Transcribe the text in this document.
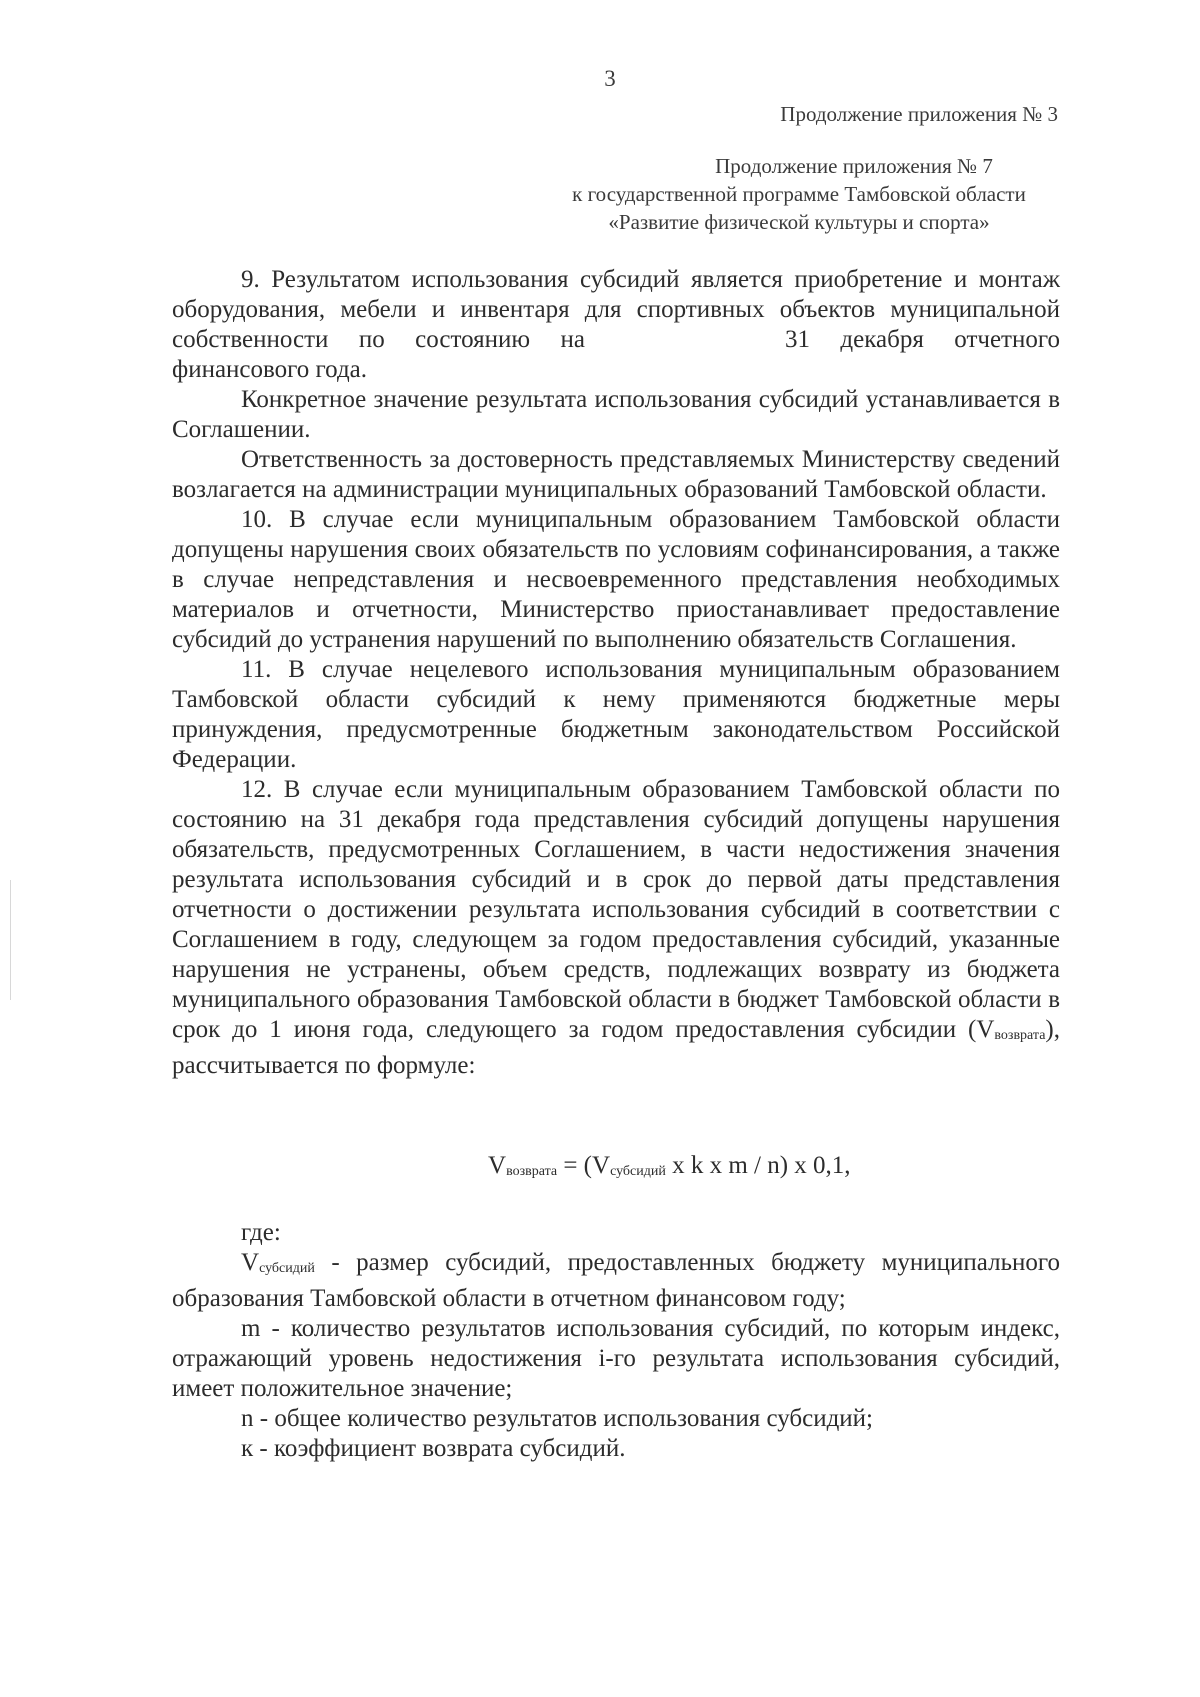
3
Продолжение приложения № 3
Продолжение приложения № 7
к государственной программе Тамбовской области
«Развитие физической культуры и спорта»

9. Результатом использования субсидий является приобретение и монтаж оборудования, мебели и инвентаря для спортивных объектов муниципальной собственности по состоянию на	31 декабря отчетного финансового года.

Конкретное значение результата использования субсидий устанавливается в Соглашении.

Ответственность за достоверность представляемых Министерству сведений возлагается на администрации муниципальных образований Тамбовской области.

10. В случае если муниципальным образованием Тамбовской области допущены нарушения своих обязательств по условиям софинансирования, а также в случае непредставления и несвоевременного представления необходимых материалов и отчетности, Министерство приостанавливает предоставление субсидий до устранения нарушений по выполнению обязательств Соглашения.

11. В случае нецелевого использования муниципальным образованием Тамбовской области субсидий к нему применяются бюджетные меры принуждения, предусмотренные бюджетным законодательством Российской Федерации.

12. В случае если муниципальным образованием Тамбовской области по состоянию на 31 декабря года представления субсидий допущены нарушения обязательств, предусмотренных Соглашением, в части недостижения значения результата использования субсидий и в срок до первой даты представления отчетности о достижении результата использования субсидий в соответствии с Соглашением в году, следующем за годом предоставления субсидий, указанные нарушения не устранены, объем средств, подлежащих возврату из бюджета муниципального образования Тамбовской области в бюджет Тамбовской области в срок до 1 июня года, следующего за годом предоставления субсидии (Vвозврата), рассчитывается по формуле:

Vвозврата = (Vсубсидий x k x m / n) x 0,1,

где:

Vсубсидий - размер субсидий, предоставленных бюджету муниципального образования Тамбовской области в отчетном финансовом году;

m - количество результатов использования субсидий, по которым индекс, отражающий уровень недостижения i-го результата использования субсидий, имеет положительное значение;

n - общее количество результатов использования субсидий;

к - коэффициент возврата субсидий.
